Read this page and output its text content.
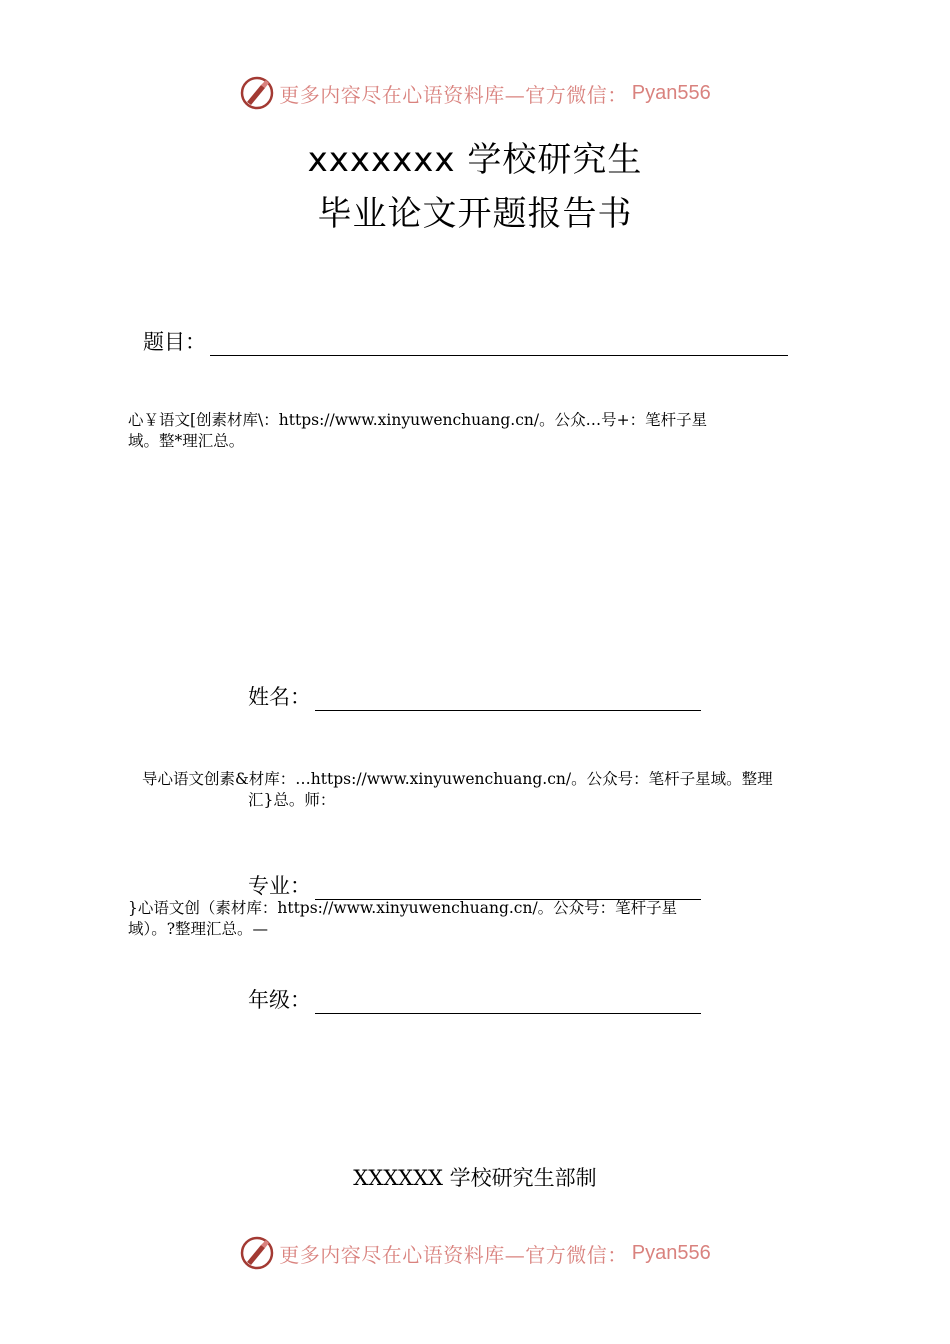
更多内容尽在心语资料库—官方微信： Pyan556
xxxxxxx 学校研究生
毕业论文开题报告书
题目：
心￥语文[创素材库\：https://www.xinyuwenchuang.cn/。公众…号+：笔杆子星
域。整*理汇总。
姓名：
导心语文创素&材库：…https://www.xinyuwenchuang.cn/。公众号：笔杆子星域。整理
汇}总。师：
专业：
}心语文创（素材库：https://www.xinyuwenchuang.cn/。公众号：笔杆子星
域）。?整理汇总。—
年级：
XXXXXX 学校研究生部制
更多内容尽在心语资料库—官方微信： Pyan556
